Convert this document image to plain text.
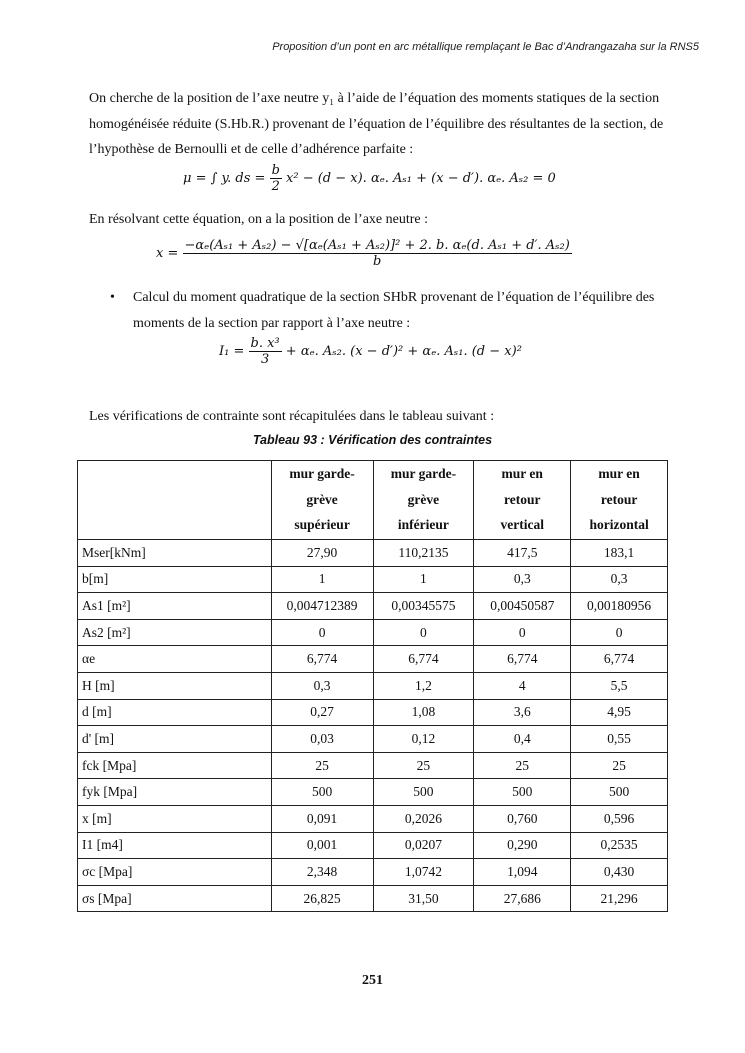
Proposition d’un pont en arc métallique remplaçant le Bac d’Andrangazaha sur la RNS5
On cherche de la position de l’axe neutre y₁ à l’aide de l’équation des moments statiques de la section homogénéisée réduite (S.Hb.R.) provenant de l’équation de l’équilibre des résultantes de la section, de l’hypothèse de Bernoulli et de celle d’adhérence parfaite :
μ = ∫ y. ds = $\frac{b}{2} x^2 - (d - x)$. αₑ. Aₛ₁ + (x − d′). αₑ. Aₛ₂ = 0
En résolvant cette équation, on a la position de l’axe neutre :
x =
−αₑ(Aₛ₁ + Aₛ₂) − √[αₑ(Aₛ₁ + Aₛ₂)]² + 2. b. αₑ(d. Aₛ₁ + d′. Aₛ₂)
b
• Calcul du moment quadratique de la section SHbR provenant de l’équation de l’équilibre des moments de la section par rapport à l’axe neutre :
$I_1 = \frac{\text{b. x³}}{3} + \alpha_e$. Aₛ₂. (x − d′)² + αₑ. Aₛ₁. (d − x)²
Les vérifications de contrainte sont récapitulées dans le tableau suivant :
Tableau 93 : Vérification des contraintes
	mur garde-
grève
supérieur	mur garde-
grève
inférieur	mur en
retour
vertical	mur en
retour
horizontal
Mser[kNm]	27,90	110,2135	417,5	183,1
b[m]	1	1	0,3	0,3
As1 [m²]	0,004712389	0,00345575	0,00450587	0,00180956
As2 [m²]	0	0	0	0
αe	6,774	6,774	6,774	6,774
H [m]	0,3	1,2	4	5,5
d [m]	0,27	1,08	3,6	4,95
d' [m]	0,03	0,12	0,4	0,55
fck [Mpa]	25	25	25	25
fyk [Mpa]	500	500	500	500
x [m]	0,091	0,2026	0,760	0,596
I1 [m4]	0,001	0,0207	0,290	0,2535
σc [Mpa]	2,348	1,0742	1,094	0,430
σs [Mpa]	26,825	31,50	27,686	21,296
251
